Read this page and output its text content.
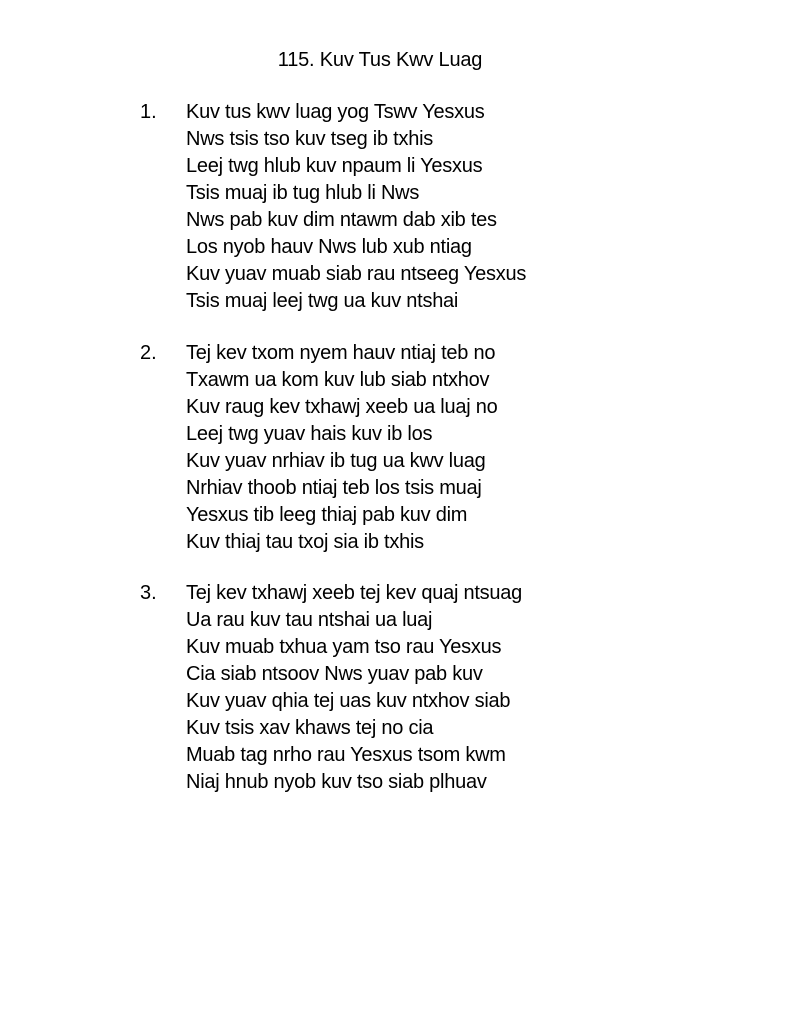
115. Kuv Tus Kwv Luag
1. Kuv tus kwv luag yog Tswv Yesxus
Nws tsis tso kuv tseg ib txhis
Leej twg hlub kuv npaum li Yesxus
Tsis muaj ib tug hlub li Nws
Nws pab kuv dim ntawm dab xib tes
Los nyob hauv Nws lub xub ntiag
Kuv yuav muab siab rau ntseeg Yesxus
Tsis muaj leej twg ua kuv ntshai
2. Tej kev txom nyem hauv ntiaj teb no
Txawm ua kom kuv lub siab ntxhov
Kuv raug kev txhawj xeeb ua luaj no
Leej twg yuav hais kuv ib los
Kuv yuav nrhiav ib tug ua kwv luag
Nrhiav thoob ntiaj teb los tsis muaj
Yesxus tib leeg thiaj pab kuv dim
Kuv thiaj tau txoj sia ib txhis
3. Tej kev txhawj xeeb tej kev quaj ntsuag
Ua rau kuv tau ntshai ua luaj
Kuv muab txhua yam tso rau Yesxus
Cia siab ntsoov Nws yuav pab kuv
Kuv yuav qhia tej uas kuv ntxhov siab
Kuv tsis xav khaws tej no cia
Muab tag nrho rau Yesxus tsom kwm
Niaj hnub nyob kuv tso siab plhuav
